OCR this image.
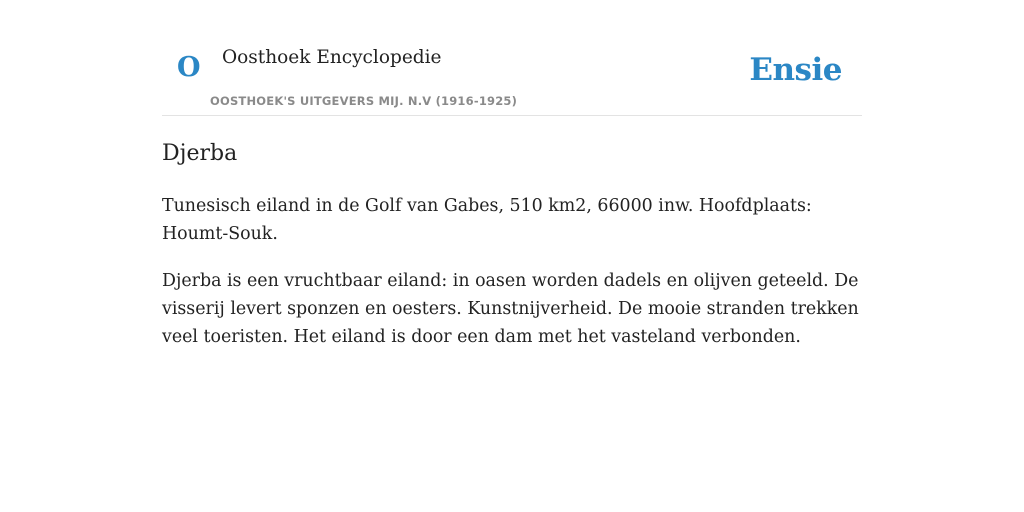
O Oosthoek Encyclopedie
OOSTHOEK'S UITGEVERS MIJ. N.V (1916-1925)
Ensie
Djerba

Tunesisch eiland in de Golf van Gabes, 510 km2, 66000 inw. Hoofdplaats: Houmt-Souk.

Djerba is een vruchtbaar eiland: in oasen worden dadels en olijven geteeld. De visserij levert sponzen en oesters. Kunstnijverheid. De mooie stranden trekken veel toeristen. Het eiland is door een dam met het vasteland verbonden.
